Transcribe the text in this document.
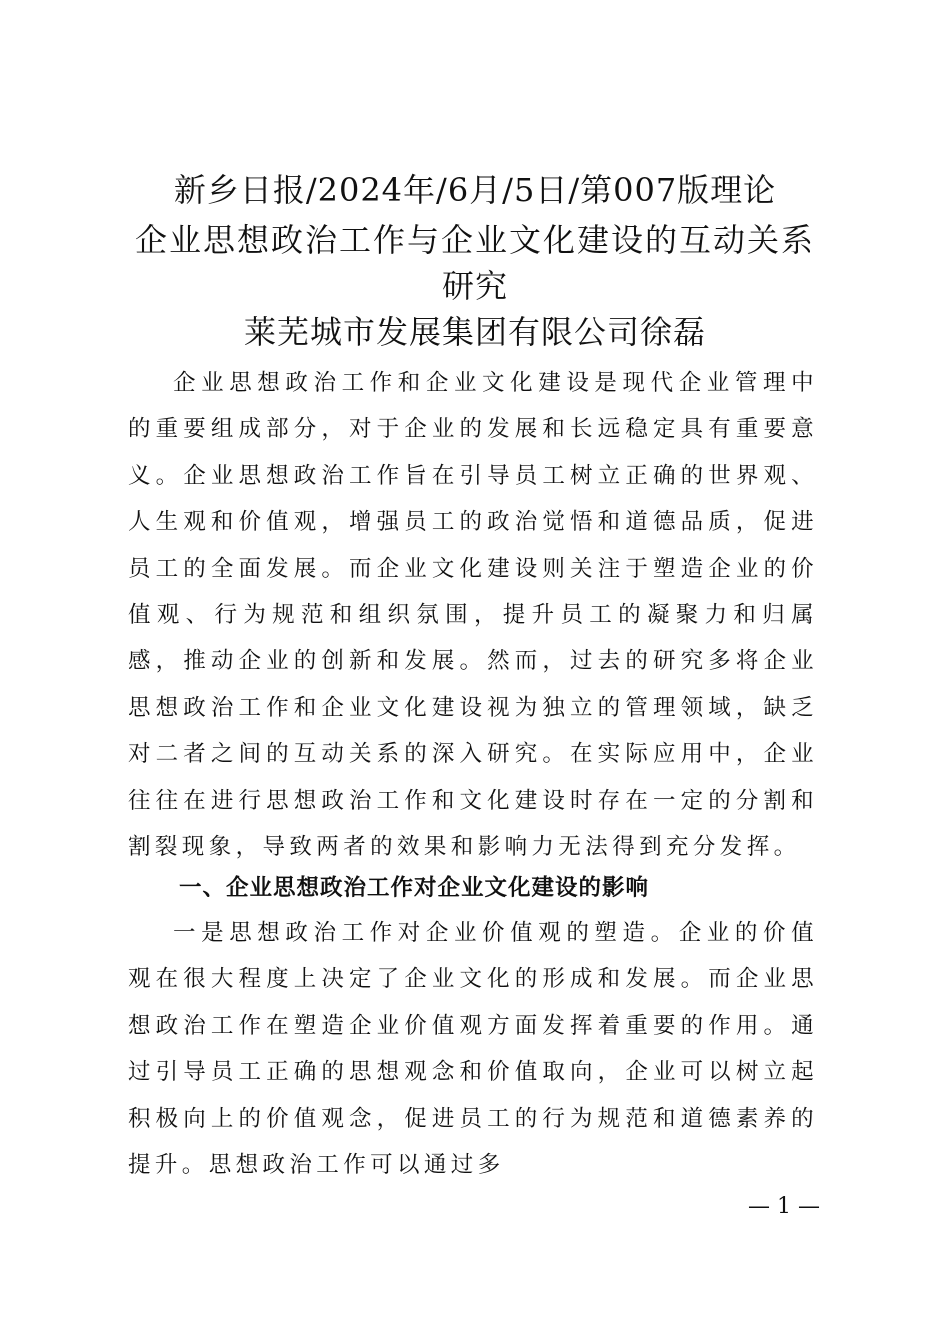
新乡日报/2024年/6月/5日/第007版理论
企业思想政治工作与企业文化建设的互动关系
研究
莱芜城市发展集团有限公司徐磊

企业思想政治工作和企业文化建设是现代企业管理中的重要组成部分，对于企业的发展和长远稳定具有重要意义。企业思想政治工作旨在引导员工树立正确的世界观、人生观和价值观，增强员工的政治觉悟和道德品质，促进员工的全面发展。而企业文化建设则关注于塑造企业的价值观、行为规范和组织氛围，提升员工的凝聚力和归属感，推动企业的创新和发展。然而，过去的研究多将企业思想政治工作和企业文化建设视为独立的管理领域，缺乏对二者之间的互动关系的深入研究。在实际应用中，企业往往在进行思想政治工作和文化建设时存在一定的分割和割裂现象，导致两者的效果和影响力无法得到充分发挥。

一、企业思想政治工作对企业文化建设的影响

一是思想政治工作对企业价值观的塑造。企业的价值观在很大程度上决定了企业文化的形成和发展。而企业思想政治工作在塑造企业价值观方面发挥着重要的作用。通过引导员工正确的思想观念和价值取向，企业可以树立起积极向上的价值观念，促进员工的行为规范和道德素养的提升。思想政治工作可以通过多

— 1 —
